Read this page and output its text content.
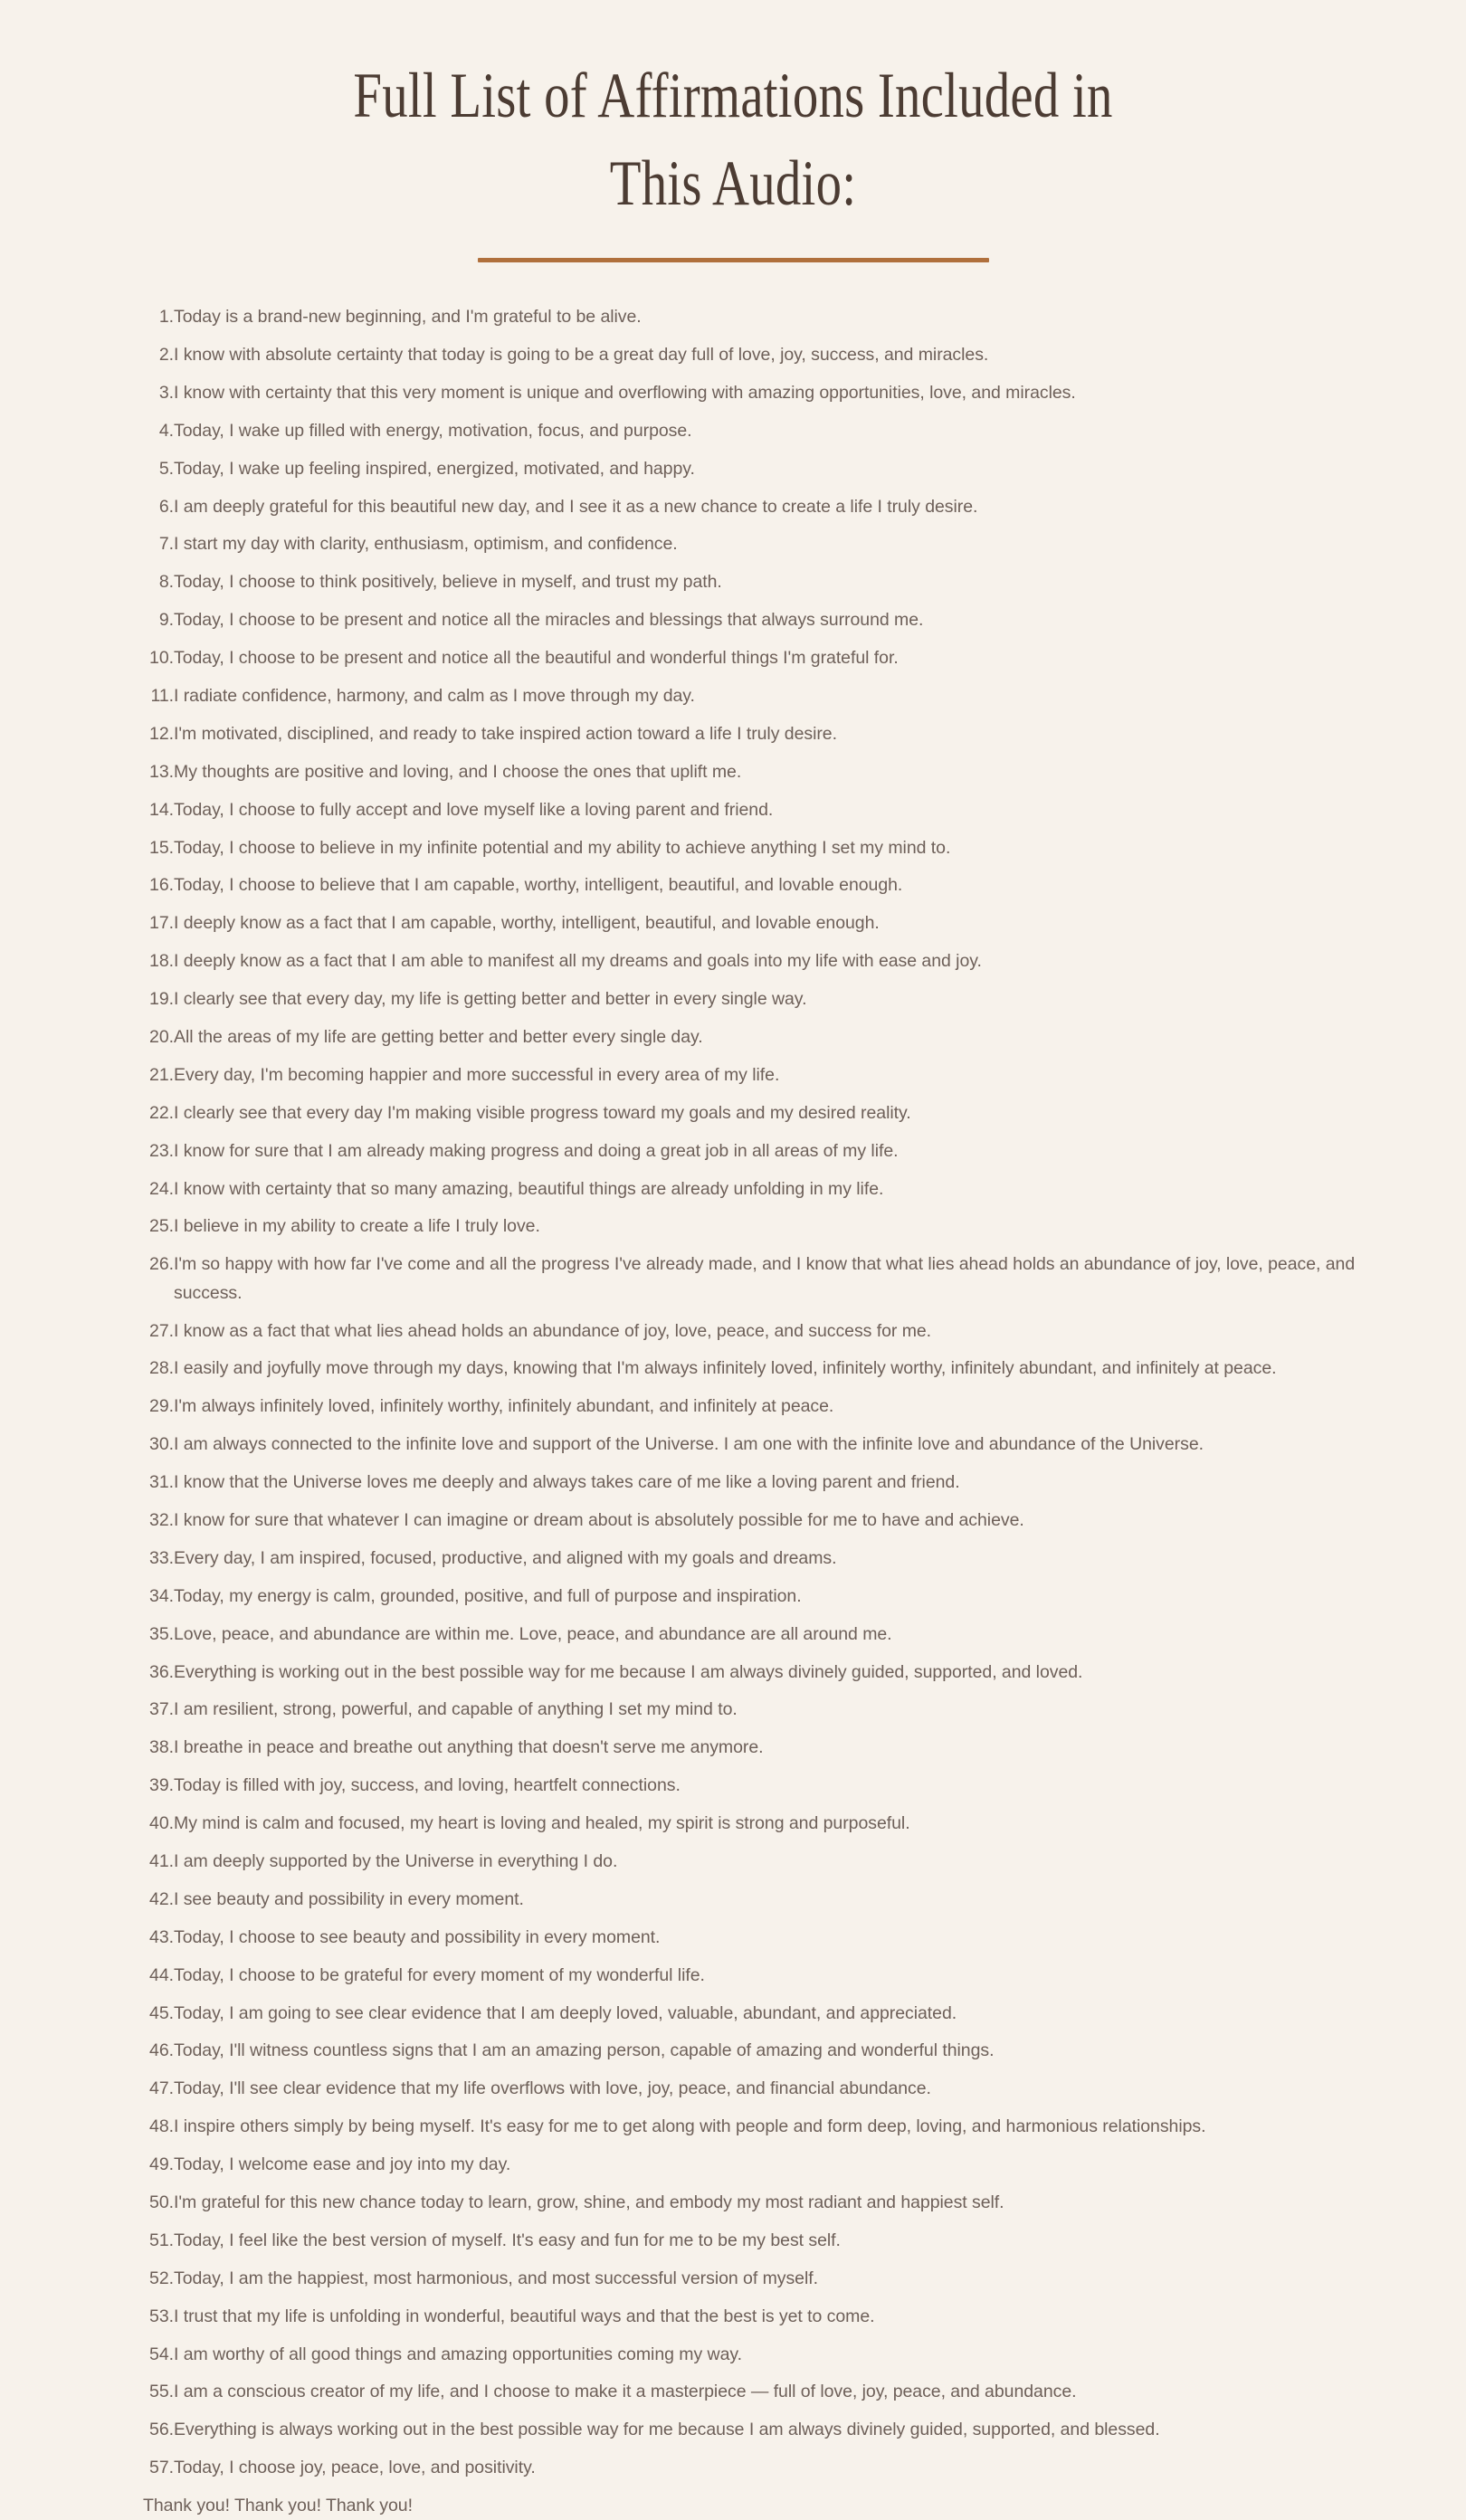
Full List of Affirmations Included in
This Audio:
Today is a brand-new beginning, and I'm grateful to be alive.
I know with absolute certainty that today is going to be a great day full of love, joy, success, and miracles.
I know with certainty that this very moment is unique and overflowing with amazing opportunities, love, and miracles.
Today, I wake up filled with energy, motivation, focus, and purpose.
Today, I wake up feeling inspired, energized, motivated, and happy.
I am deeply grateful for this beautiful new day, and I see it as a new chance to create a life I truly desire.
I start my day with clarity, enthusiasm, optimism, and confidence.
Today, I choose to think positively, believe in myself, and trust my path.
Today, I choose to be present and notice all the miracles and blessings that always surround me.
Today, I choose to be present and notice all the beautiful and wonderful things I'm grateful for.
I radiate confidence, harmony, and calm as I move through my day.
I'm motivated, disciplined, and ready to take inspired action toward a life I truly desire.
My thoughts are positive and loving, and I choose the ones that uplift me.
Today, I choose to fully accept and love myself like a loving parent and friend.
Today, I choose to believe in my infinite potential and my ability to achieve anything I set my mind to.
Today, I choose to believe that I am capable, worthy, intelligent, beautiful, and lovable enough.
I deeply know as a fact that I am capable, worthy, intelligent, beautiful, and lovable enough.
I deeply know as a fact that I am able to manifest all my dreams and goals into my life with ease and joy.
I clearly see that every day, my life is getting better and better in every single way.
All the areas of my life are getting better and better every single day.
Every day, I'm becoming happier and more successful in every area of my life.
I clearly see that every day I'm making visible progress toward my goals and my desired reality.
I know for sure that I am already making progress and doing a great job in all areas of my life.
I know with certainty that so many amazing, beautiful things are already unfolding in my life.
I believe in my ability to create a life I truly love.
I'm so happy with how far I've come and all the progress I've already made, and I know that what lies ahead holds an abundance of joy, love, peace, and success.
I know as a fact that what lies ahead holds an abundance of joy, love, peace, and success for me.
I easily and joyfully move through my days, knowing that I'm always infinitely loved, infinitely worthy, infinitely abundant, and infinitely at peace.
I'm always infinitely loved, infinitely worthy, infinitely abundant, and infinitely at peace.
I am always connected to the infinite love and support of the Universe. I am one with the infinite love and abundance of the Universe.
I know that the Universe loves me deeply and always takes care of me like a loving parent and friend.
I know for sure that whatever I can imagine or dream about is absolutely possible for me to have and achieve.
Every day, I am inspired, focused, productive, and aligned with my goals and dreams.
Today, my energy is calm, grounded, positive, and full of purpose and inspiration.
Love, peace, and abundance are within me. Love, peace, and abundance are all around me.
Everything is working out in the best possible way for me because I am always divinely guided, supported, and loved.
I am resilient, strong, powerful, and capable of anything I set my mind to.
I breathe in peace and breathe out anything that doesn't serve me anymore.
Today is filled with joy, success, and loving, heartfelt connections.
My mind is calm and focused, my heart is loving and healed, my spirit is strong and purposeful.
I am deeply supported by the Universe in everything I do.
I see beauty and possibility in every moment.
Today, I choose to see beauty and possibility in every moment.
Today, I choose to be grateful for every moment of my wonderful life.
Today, I am going to see clear evidence that I am deeply loved, valuable, abundant, and appreciated.
Today, I'll witness countless signs that I am an amazing person, capable of amazing and wonderful things.
Today, I'll see clear evidence that my life overflows with love, joy, peace, and financial abundance.
I inspire others simply by being myself. It's easy for me to get along with people and form deep, loving, and harmonious relationships.
Today, I welcome ease and joy into my day.
I'm grateful for this new chance today to learn, grow, shine, and embody my most radiant and happiest self.
Today, I feel like the best version of myself. It's easy and fun for me to be my best self.
Today, I am the happiest, most harmonious, and most successful version of myself.
I trust that my life is unfolding in wonderful, beautiful ways and that the best is yet to come.
I am worthy of all good things and amazing opportunities coming my way.
I am a conscious creator of my life, and I choose to make it a masterpiece — full of love, joy, peace, and abundance.
Everything is always working out in the best possible way for me because I am always divinely guided, supported, and blessed.
Today, I choose joy, peace, love, and positivity.
Thank you! Thank you! Thank you!
